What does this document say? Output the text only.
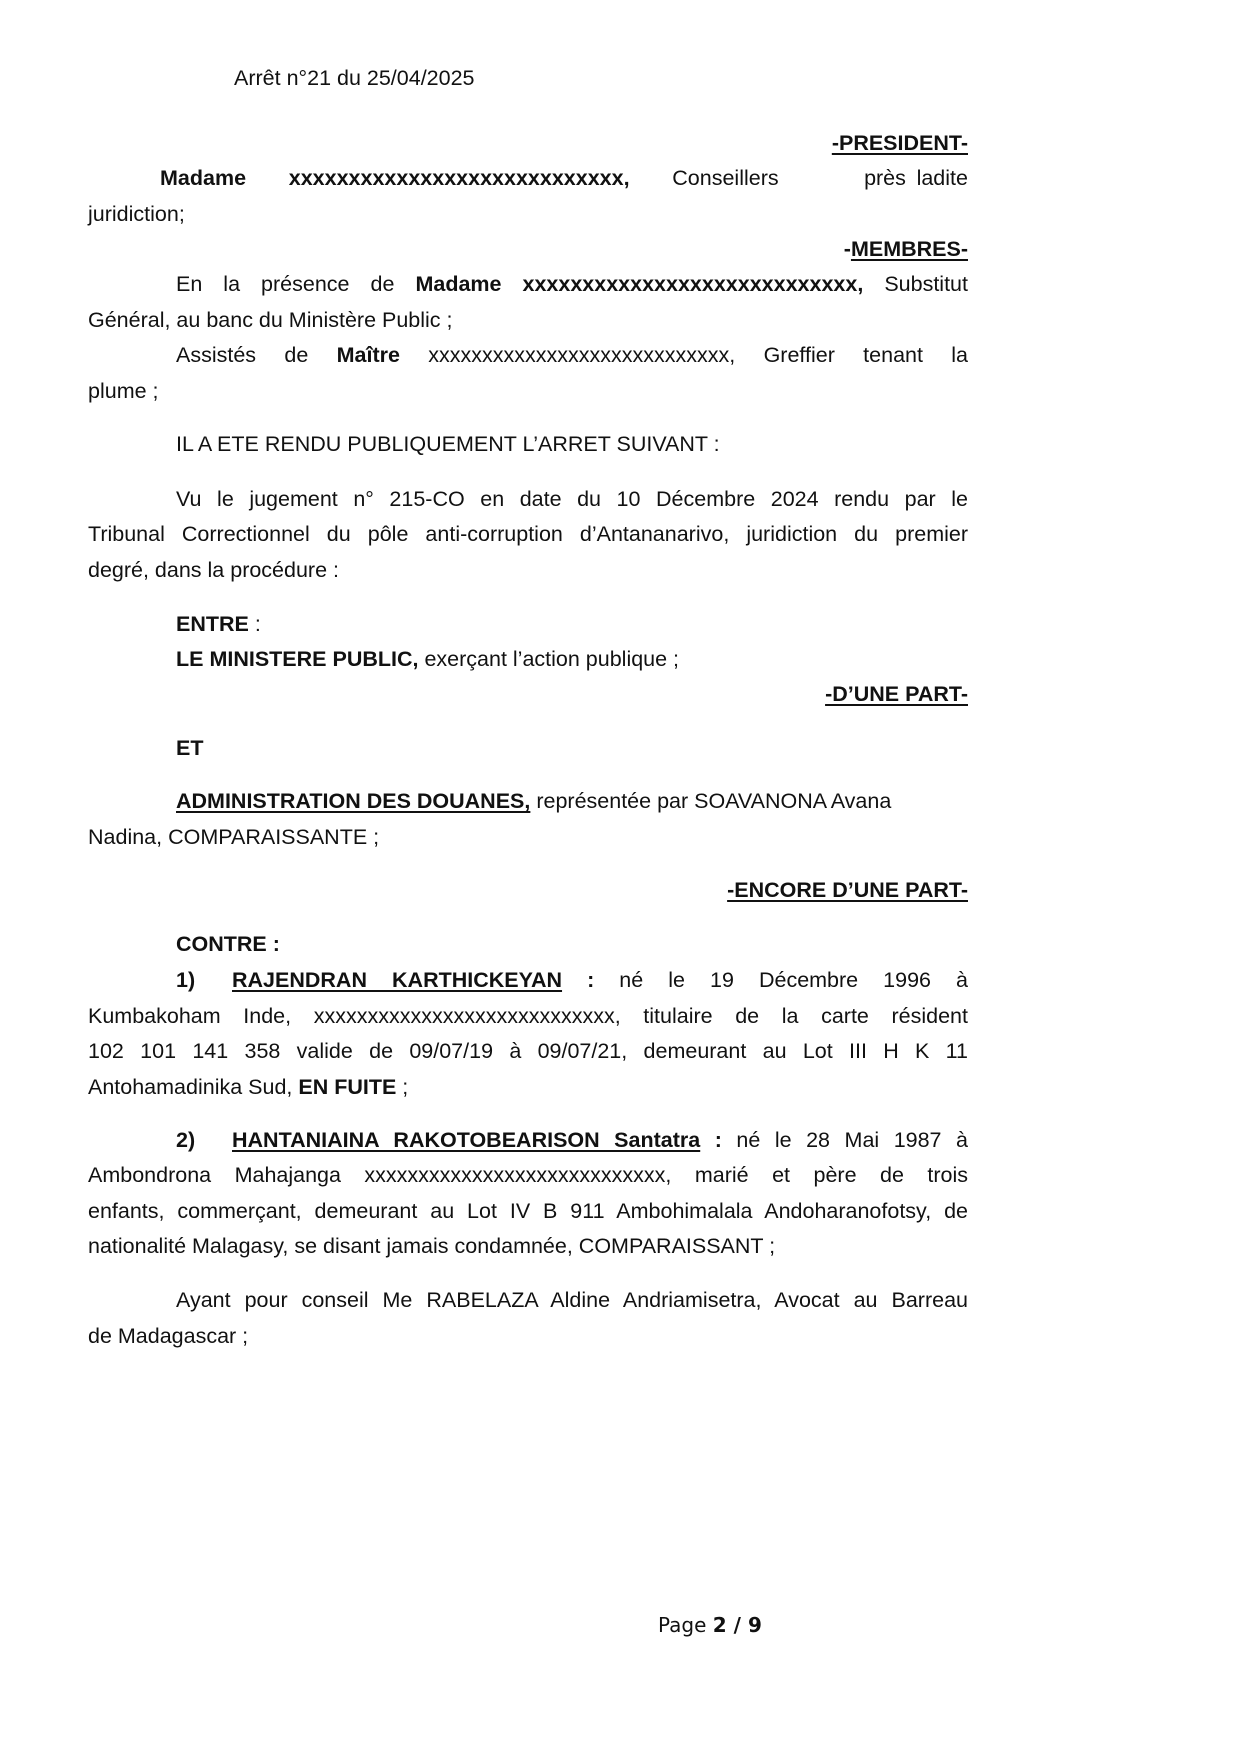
Arrêt n°21 du 25/04/2025
-PRESIDENT-
Madame xxxxxxxxxxxxxxxxxxxxxxxxxxxx, Conseillers	près ladite
juridiction;
-MEMBRES-
En la présence de Madame xxxxxxxxxxxxxxxxxxxxxxxxxxxx, Substitut
Général, au banc du Ministère Public ;
Assistés de Maître xxxxxxxxxxxxxxxxxxxxxxxxxxxx, Greffier tenant la
plume ;
IL A ETE RENDU PUBLIQUEMENT L’ARRET SUIVANT :
Vu le jugement n° 215-CO en date du 10 Décembre 2024 rendu par le
Tribunal Correctionnel du pôle anti-corruption d’Antananarivo, juridiction du premier
degré, dans la procédure :
ENTRE :
LE MINISTERE PUBLIC, exerçant l’action publique ;
-D’UNE PART-
ET
ADMINISTRATION DES DOUANES, représentée par SOAVANONA Avana
Nadina, COMPARAISSANTE ;
-ENCORE D’UNE PART-
CONTRE :
1) RAJENDRAN KARTHICKEYAN : né le 19 Décembre 1996 à
Kumbakoham Inde, xxxxxxxxxxxxxxxxxxxxxxxxxxxx, titulaire de la carte résident
102 101 141 358 valide de 09/07/19 à 09/07/21, demeurant au Lot III H K 11
Antohamadinika Sud, EN FUITE ;
2) HANTANIAINA RAKOTOBEARISON Santatra : né le 28 Mai 1987 à
Ambondrona Mahajanga xxxxxxxxxxxxxxxxxxxxxxxxxxxx, marié et père de trois
enfants, commerçant, demeurant au Lot IV B 911 Ambohimalala Andoharanofotsy, de
nationalité Malagasy, se disant jamais condamnée, COMPARAISSANT ;
Ayant pour conseil Me RABELAZA Aldine Andriamisetra, Avocat au Barreau
de Madagascar ;
Page 2 / 9
